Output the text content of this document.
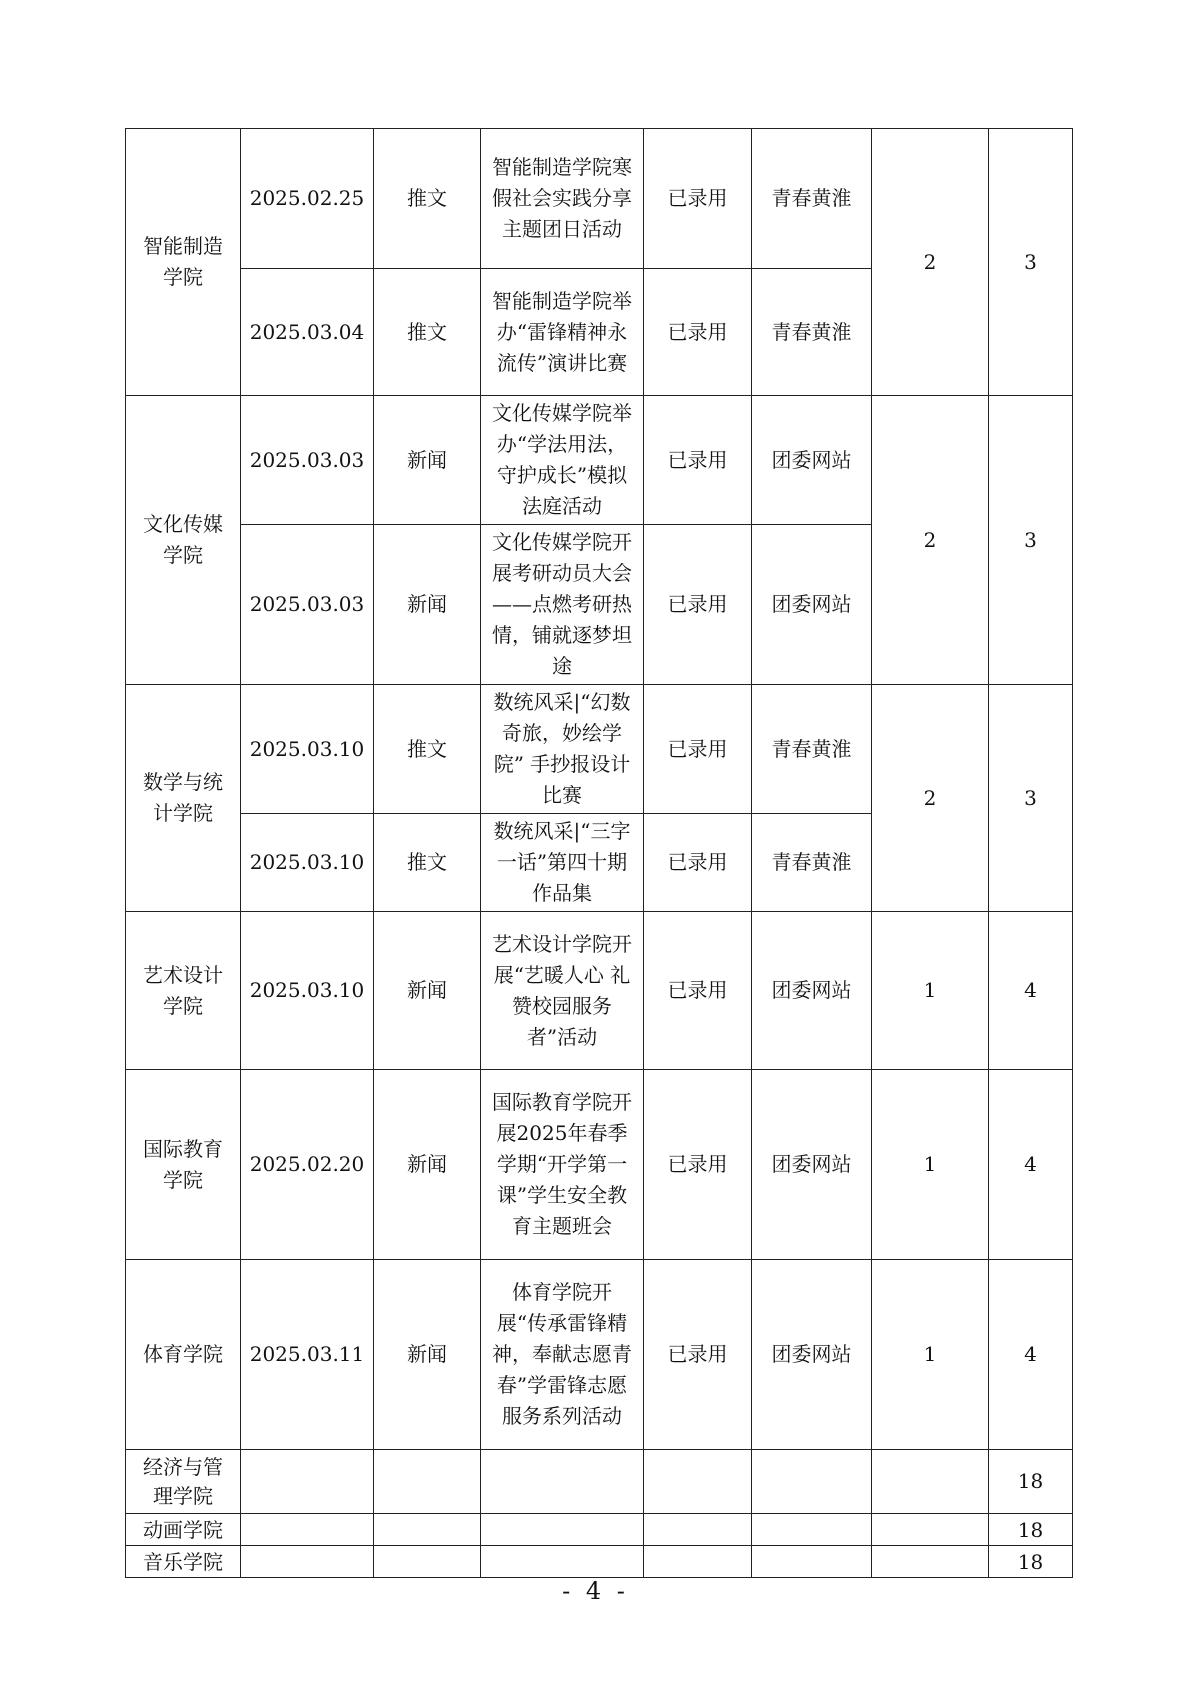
智能制造学院	2025.02.25	推文	智能制造学院寒假社会实践分享主题团日活动	已录用	青春黄淮	2	3
	2025.03.04	推文	智能制造学院举办“雷锋精神永流传”演讲比赛	已录用	青春黄淮		
文化传媒学院	2025.03.03	新闻	文化传媒学院举办“学法用法，守护成长”模拟法庭活动	已录用	团委网站	2	3
	2025.03.03	新闻	文化传媒学院开展考研动员大会 ——点燃考研热情，铺就逐梦坦途	已录用	团委网站		
数学与统计学院	2025.03.10	推文	数统风采|“幻数奇旅，妙绘学院” 手抄报设计比赛	已录用	青春黄淮	2	3
	2025.03.10	推文	数统风采|“三字一话”第四十期作品集	已录用	青春黄淮		
艺术设计学院	2025.03.10	新闻	艺术设计学院开展“艺暖人心 礼赞校园服务者”活动	已录用	团委网站	1	4
国际教育学院	2025.02.20	新闻	国际教育学院开展2025年春季学期“开学第一课”学生安全教育主题班会	已录用	团委网站	1	4
体育学院	2025.03.11	新闻	体育学院开展“传承雷锋精神，奉献志愿青春”学雷锋志愿服务系列活动	已录用	团委网站	1	4
经济与管理学院							18
动画学院							18
音乐学院							18
- 4 -
